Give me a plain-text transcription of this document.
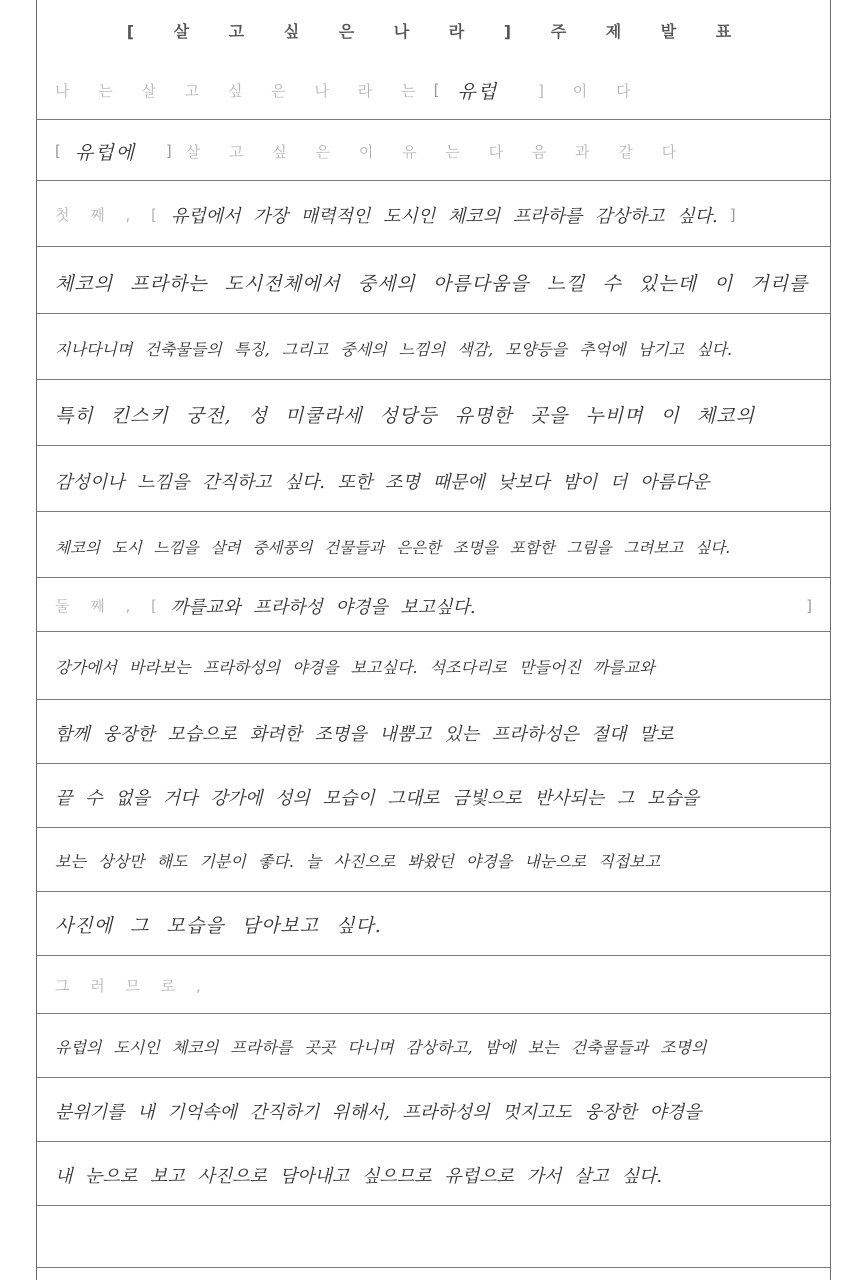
[ 살 고 싶 은 나 라 ] 주 제 발 표
나 는 살 고 싶 은 나 라 는 [ 유럽	] 이 다
[ 유럽에 ] 살 고 싶 은 이 유 는 다 음 과 같 다
첫 째 , [ 유럽에서 가장 매력적인 도시인 체코의 프라하를 감상하고 싶다. ]
체코의 프라하는 도시전체에서 중세의 아름다움을 느낄 수 있는데 이 거리를
지나다니며 건축물들의 특징, 그리고 중세의 느낌의 색감, 모양등을 추억에 남기고 싶다.
특히 킨스키 궁전, 성 미쿨라세 성당등 유명한 곳을 누비며 이 체코의
감성이나 느낌을 간직하고 싶다. 또한 조명 때문에 낮보다 밤이 더 아름다운
체코의 도시 느낌을 살려 중세풍의 건물들과 은은한 조명을 포함한 그림을 그려보고 싶다.
둘 째 , [ 까를교와 프라하성 야경을 보고싶다.	]
강가에서 바라보는 프라하성의 야경을 보고싶다. 석조다리로 만들어진 까를교와
함께 웅장한 모습으로 화려한 조명을 내뿜고 있는 프라하성은 절대 말로
끝 수 없을 거다 강가에 성의 모습이 그대로 금빛으로 반사되는 그 모습을
보는 상상만 해도 기분이 좋다. 늘 사진으로 봐왔던 야경을 내눈으로 직접보고
사진에 그 모습을 담아보고 싶다.
그 러 므 로 ,
유럽의 도시인 체코의 프라하를 곳곳 다니며 감상하고, 밤에 보는 건축물들과 조명의
분위기를 내 기억속에 간직하기 위해서, 프라하성의 멋지고도 웅장한 야경을
내 눈으로 보고 사진으로 담아내고 싶으므로 유럽으로 가서 살고 싶다.
